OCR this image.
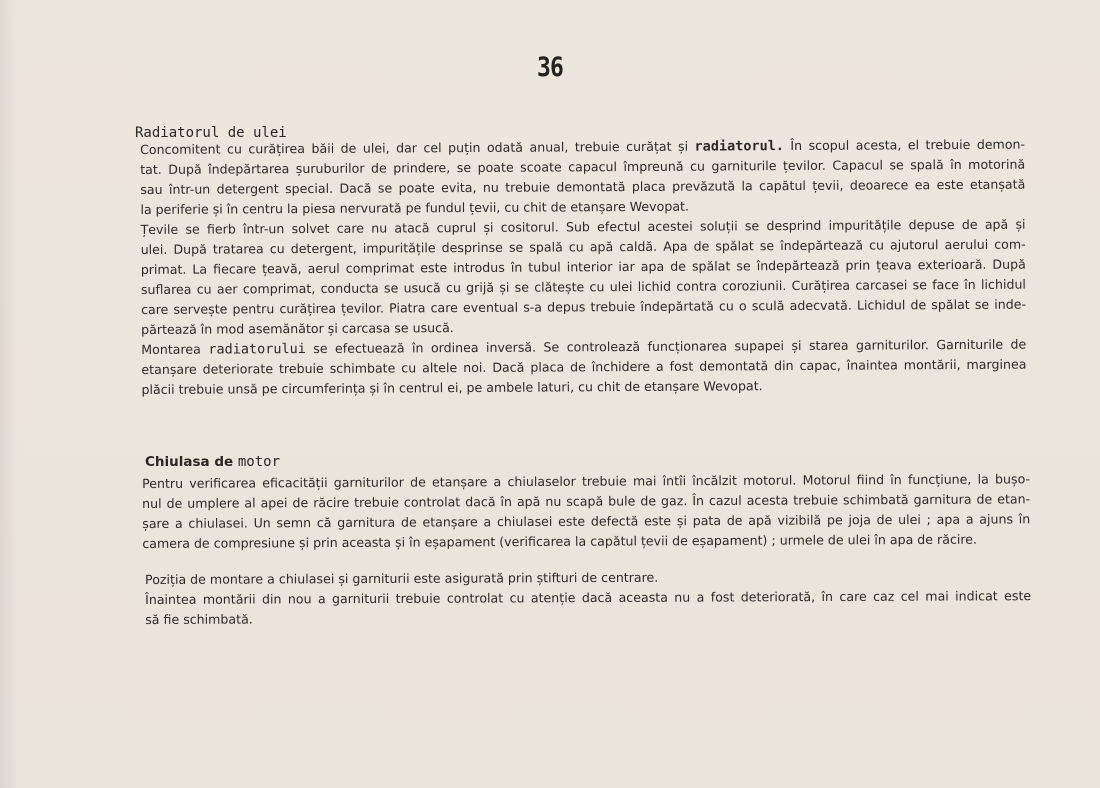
36
Radiatorul de ulei
Concomitent cu curățirea băii de ulei, dar cel puțin odată anual, trebuie curățat și radiatorul. În scopul acesta, el trebuie demon-
tat. După îndepărtarea șuruburilor de prindere, se poate scoate capacul împreună cu garniturile țevilor. Capacul se spală în motorină
sau într-un detergent special. Dacă se poate evita, nu trebuie demontată placa prevăzută la capătul țevii, deoarece ea este etanșată
la periferie și în centru la piesa nervurată pe fundul țevii, cu chit de etanșare Wevopat.
Țevile se fierb într-un solvet care nu atacă cuprul și cositorul. Sub efectul acestei soluții se desprind impuritățile depuse de apă și
ulei. După tratarea cu detergent, impuritățile desprinse se spală cu apă caldă. Apa de spălat se îndepărtează cu ajutorul aerului com-
primat. La fiecare țeavă, aerul comprimat este introdus în tubul interior iar apa de spălat se îndepărtează prin țeava exterioară. După
suflarea cu aer comprimat, conducta se usucă cu grijă și se clătește cu ulei lichid contra coroziunii. Curățirea carcasei se face în lichidul
care servește pentru curățirea țevilor. Piatra care eventual s-a depus trebuie îndepărtată cu o sculă adecvată. Lichidul de spălat se inde-
părtează în mod asemănător și carcasa se usucă.
Montarea radiatorului se efectuează în ordinea inversă. Se controlează funcționarea supapei și starea garniturilor. Garniturile de
etanșare deteriorate trebuie schimbate cu altele noi. Dacă placa de închidere a fost demontată din capac, înaintea montării, marginea
plăcii trebuie unsă pe circumferința și în centrul ei, pe ambele laturi, cu chit de etanșare Wevopat.
Chiulasa de motor
Pentru verificarea eficacității garniturilor de etanșare a chiulaselor trebuie mai întîi încălzit motorul. Motorul fiind în funcțiune, la bușo-
nul de umplere al apei de răcire trebuie controlat dacă în apă nu scapă bule de gaz. În cazul acesta trebuie schimbată garnitura de etan-
șare a chiulasei. Un semn că garnitura de etanșare a chiulasei este defectă este și pata de apă vizibilă pe joja de ulei ; apa a ajuns în
camera de compresiune și prin aceasta și în eșapament (verificarea la capătul țevii de eșapament) ; urmele de ulei în apa de răcire.
Poziția de montare a chiulasei și garniturii este asigurată prin știfturi de centrare.
Înaintea montării din nou a garniturii trebuie controlat cu atenție dacă aceasta nu a fost deteriorată, în care caz cel mai indicat este
să fie schimbată.
